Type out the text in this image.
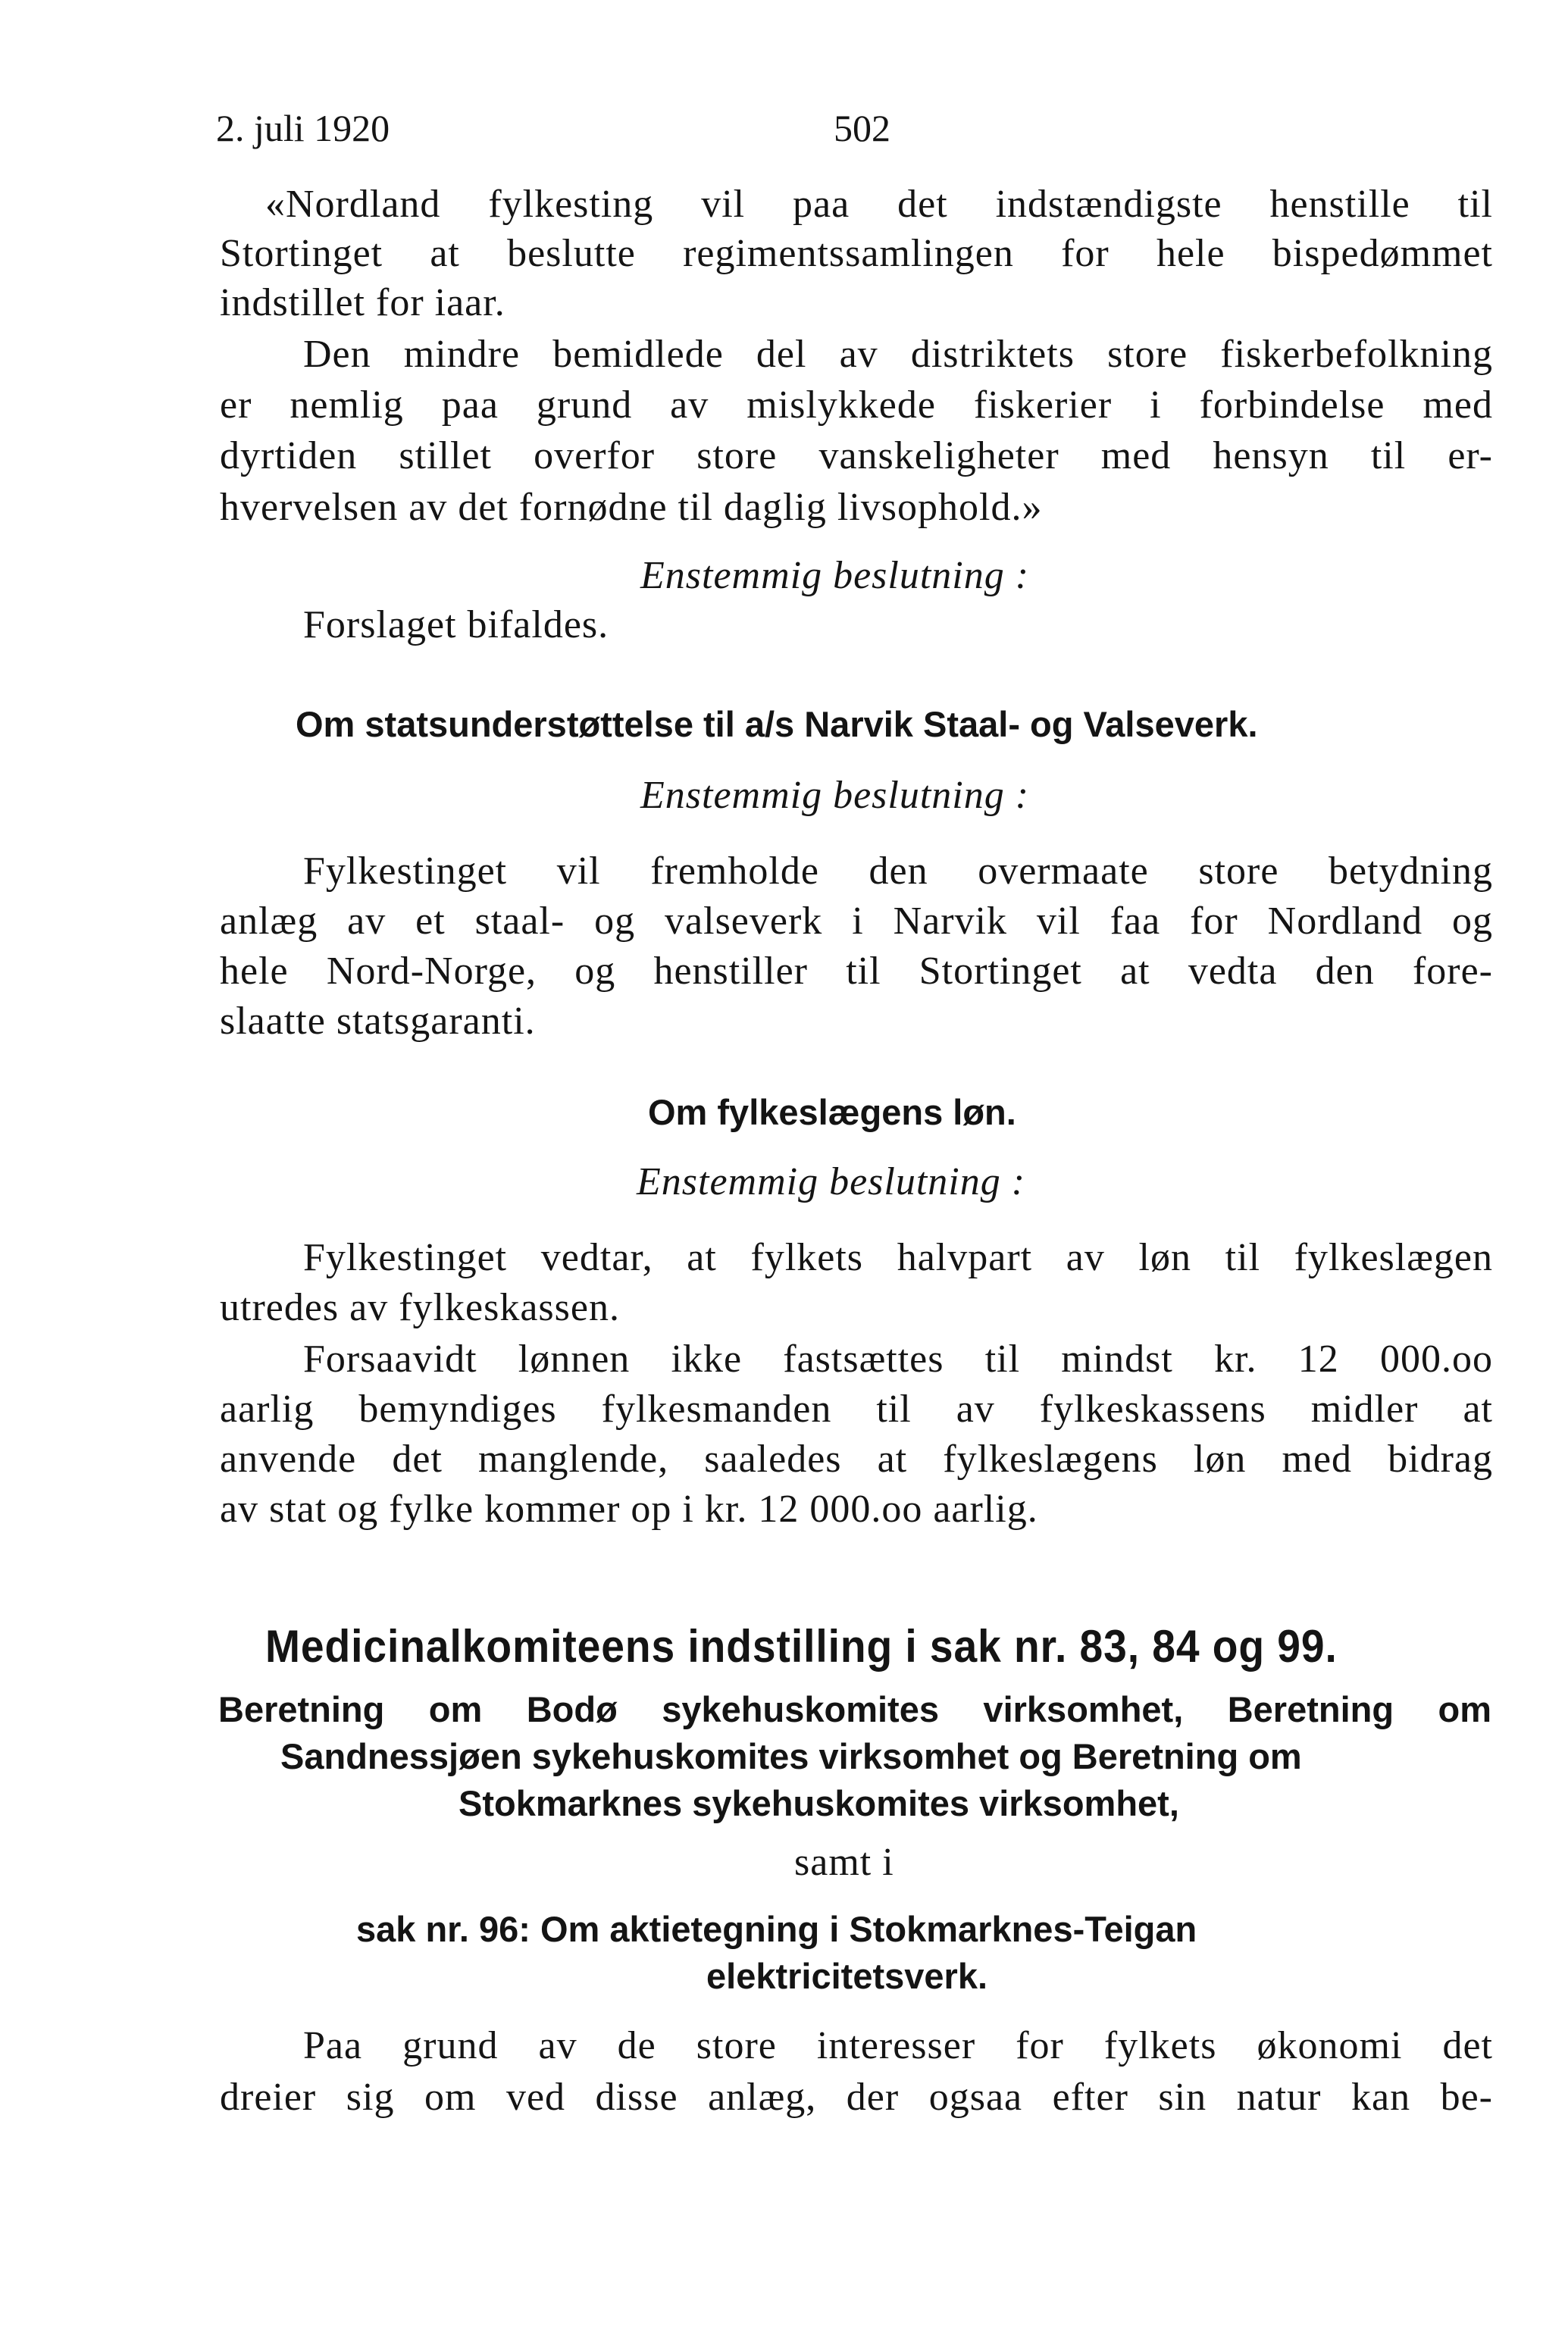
2. juli 1920	502
«Nordland fylkesting vil paa det indstændigste henstille til
Stortinget at beslutte regimentssamlingen for hele bispedømmet
indstillet for iaar.
Den mindre bemidlede del av distriktets store fiskerbefolkning
er nemlig paa grund av mislykkede fiskerier i forbindelse med
dyrtiden stillet overfor store vanskeligheter med hensyn til er-
hvervelsen av det fornødne til daglig livsophold.»
Enstemmig beslutning :
Forslaget bifaldes.
Om statsunderstøttelse til a/s Narvik Staal- og Valseverk.
Enstemmig beslutning :
Fylkestinget vil fremholde den overmaate store betydning
anlæg av et staal- og valseverk i Narvik vil faa for Nordland og
hele Nord-Norge, og henstiller til Stortinget at vedta den fore-
slaatte statsgaranti.
Om fylkeslægens løn.
Enstemmig beslutning :
Fylkestinget vedtar, at fylkets halvpart av løn til fylkeslægen
utredes av fylkeskassen.
Forsaavidt lønnen ikke fastsættes til mindst kr. 12 000.oo
aarlig bemyndiges fylkesmanden til av fylkeskassens midler at
anvende det manglende, saaledes at fylkeslægens løn med bidrag
av stat og fylke kommer op i kr. 12 000.oo aarlig.
Medicinalkomiteens indstilling i sak nr. 83, 84 og 99.
Beretning om Bodø sykehuskomites virksomhet, Beretning om
Sandnessjøen sykehuskomites virksomhet og Beretning om
Stokmarknes sykehuskomites virksomhet,
samt i
sak nr. 96: Om aktietegning i Stokmarknes-Teigan
elektricitetsverk.
Paa grund av de store interesser for fylkets økonomi det
dreier sig om ved disse anlæg, der ogsaa efter sin natur kan be-
